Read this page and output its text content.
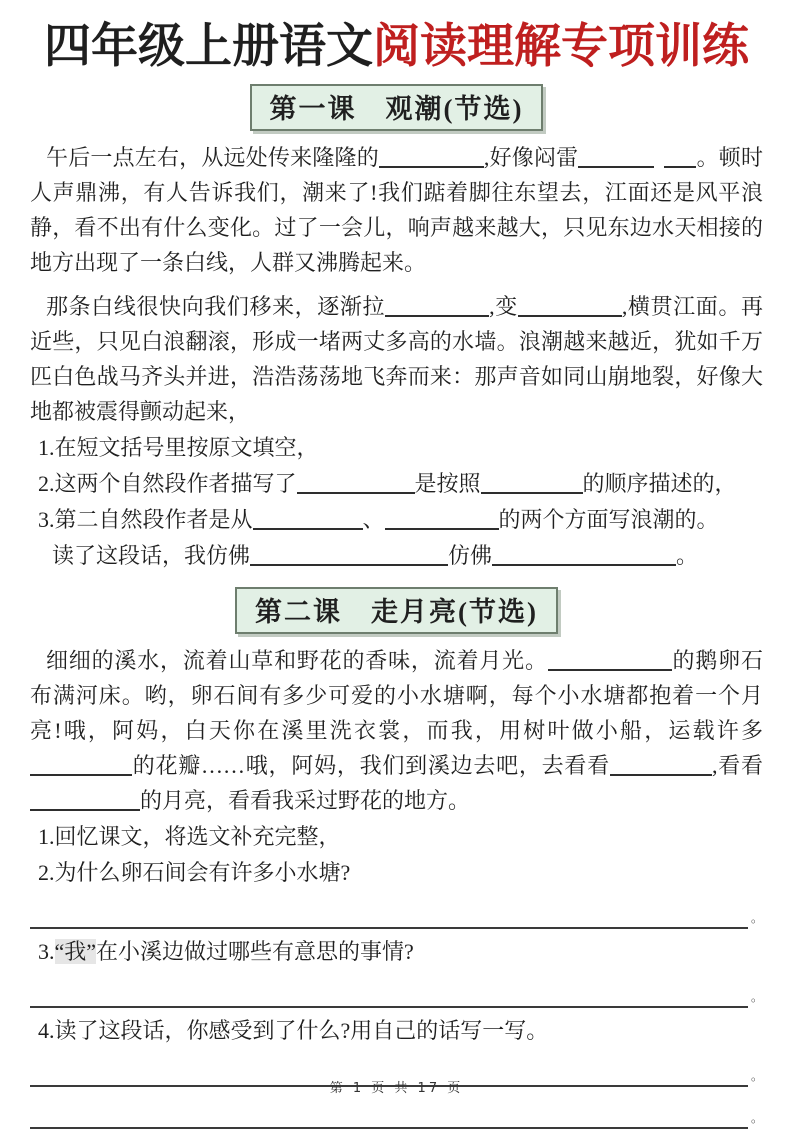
四年级上册语文阅读理解专项训练
第一课　观潮(节选)

午后一点左右，从远处传来隆隆的	,好像闷雷	。顿时人声鼎沸，有人告诉我们，潮来了!我们踮着脚往东望去，江面还是风平浪静，看不出有什么变化。过了一会儿，响声越来越大，只见东边水天相接的地方出现了一条白线，人群又沸腾起来。

那条白线很快向我们移来，逐渐拉	,变	,横贯江面。再近些，只见白浪翻滚，形成一堵两丈多高的水墙。浪潮越来越近，犹如千万匹白色战马齐头并进，浩浩荡荡地飞奔而来：那声音如同山崩地裂，好像大地都被震得颤动起来，

1.在短文括号里按原文填空，
2.这两个自然段作者描写了	是按照	的顺序描述的，
3.第二自然段作者是从	、	的两个方面写浪潮的。
读了这段话，我仿佛	仿佛	。
第二课　走月亮(节选)

细细的溪水，流着山草和野花的香味，流着月光。	的鹅卵石布满河床。哟，卵石间有多少可爱的小水塘啊，每个小水塘都抱着一个月亮!哦，阿妈，白天你在溪里洗衣裳，而我，用树叶做小船，运载许多的花瓣……哦，阿妈，我们到溪边去吧，去看看	,看看的月亮，看看我采过野花的地方。

1.回忆课文，将选文补充完整，
2.为什么卵石间会有许多小水塘?
。
3.“我”在小溪边做过哪些有意思的事情?
。
4.读了这段话，你感受到了什么?用自己的话写一写。
。
。
第 1 页 共 17 页
